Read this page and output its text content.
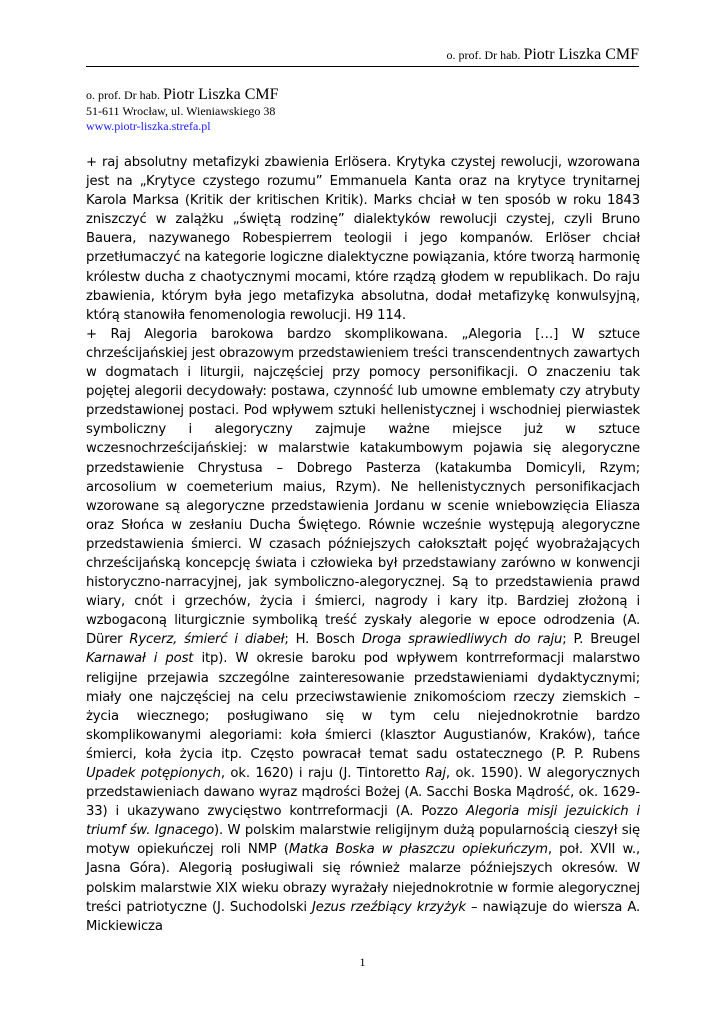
o. prof. Dr hab. Piotr Liszka CMF
o. prof. Dr hab. Piotr Liszka CMF
51-611 Wrocław, ul. Wieniawskiego 38
www.piotr-liszka.strefa.pl

+ raj absolutny metafizyki zbawienia Erlösera. Krytyka czystej rewolucji, wzorowana jest na „Krytyce czystego rozumu” Emmanuela Kanta oraz na krytyce trynitarnej Karola Marksa (Kritik der kritischen Kritik). Marks chciał w ten sposób w roku 1843 zniszczyć w zalążku „świętą rodzinę” dialektyków rewolucji czystej, czyli Bruno Bauera, nazywanego Robespierrem teologii i jego kompanów. Erlöser chciał przetłumaczyć na kategorie logiczne dialektyczne powiązania, które tworzą harmonię królestw ducha z chaotycznymi mocami, które rządzą głodem w republikach. Do raju zbawienia, którym była jego metafizyka absolutna, dodał metafizykę konwulsyjną, którą stanowiła fenomenologia rewolucji. H9 114.

+ Raj Alegoria barokowa bardzo skomplikowana. „Alegoria […] W sztuce chrześcijańskiej jest obrazowym przedstawieniem treści transcendentnych zawartych w dogmatach i liturgii, najczęściej przy pomocy personifikacji. O znaczeniu tak pojętej alegorii decydowały: postawa, czynność lub umowne emblematy czy atrybuty przedstawionej postaci. Pod wpływem sztuki hellenistycznej i wschodniej pierwiastek symboliczny i alegoryczny zajmuje ważne miejsce już w sztuce wczesnochrześcijańskiej: w malarstwie katakumbowym pojawia się alegoryczne przedstawienie Chrystusa – Dobrego Pasterza (katakumba Domicyli, Rzym; arcosolium w coemeterium maius, Rzym). Ne hellenistycznych personifikacjach wzorowane są alegoryczne przedstawienia Jordanu w scenie wniebowzięcia Eliasza oraz Słońca w zesłaniu Ducha Świętego. Równie wcześnie występują alegoryczne przedstawienia śmierci. W czasach późniejszych całokształt pojęć wyobrażających chrześcijańską koncepcję świata i człowieka był przedstawiany zarówno w konwencji historyczno-narracyjnej, jak symboliczno-alegorycznej. Są to przedstawienia prawd wiary, cnót i grzechów, życia i śmierci, nagrody i kary itp. Bardziej złożoną i wzbogaconą liturgicznie symboliką treść zyskały alegorie w epoce odrodzenia (A. Dürer Rycerz, śmierć i diabeł; H. Bosch Droga sprawiedliwych do raju; P. Breugel Karnawał i post itp). W okresie baroku pod wpływem kontrreformacji malarstwo religijne przejawia szczególne zainteresowanie przedstawieniami dydaktycznymi; miały one najczęściej na celu przeciwstawienie znikomościom rzeczy ziemskich – życia wiecznego; posługiwano się w tym celu niejednokrotnie bardzo skomplikowanymi alegoriami: koła śmierci (klasztor Augustianów, Kraków), tańce śmierci, koła życia itp. Często powracał temat sadu ostatecznego (P. P. Rubens Upadek potępionych, ok. 1620) i raju (J. Tintoretto Raj, ok. 1590). W alegorycznych przedstawieniach dawano wyraz mądrości Bożej (A. Sacchi Boska Mądrość, ok. 1629-33) i ukazywano zwycięstwo kontrreformacji (A. Pozzo Alegoria misji jezuickich i triumf św. Ignacego). W polskim malarstwie religijnym dużą popularnością cieszył się motyw opiekuńczej roli NMP (Matka Boska w płaszczu opiekuńczym, poł. XVII w., Jasna Góra). Alegorią posługiwali się również malarze późniejszych okresów. W polskim malarstwie XIX wieku obrazy wyrażały niejednokrotnie w formie alegorycznej treści patriotyczne (J. Suchodolski Jezus rzeźbiący krzyżyk – nawiązuje do wiersza A. Mickiewicza

1
